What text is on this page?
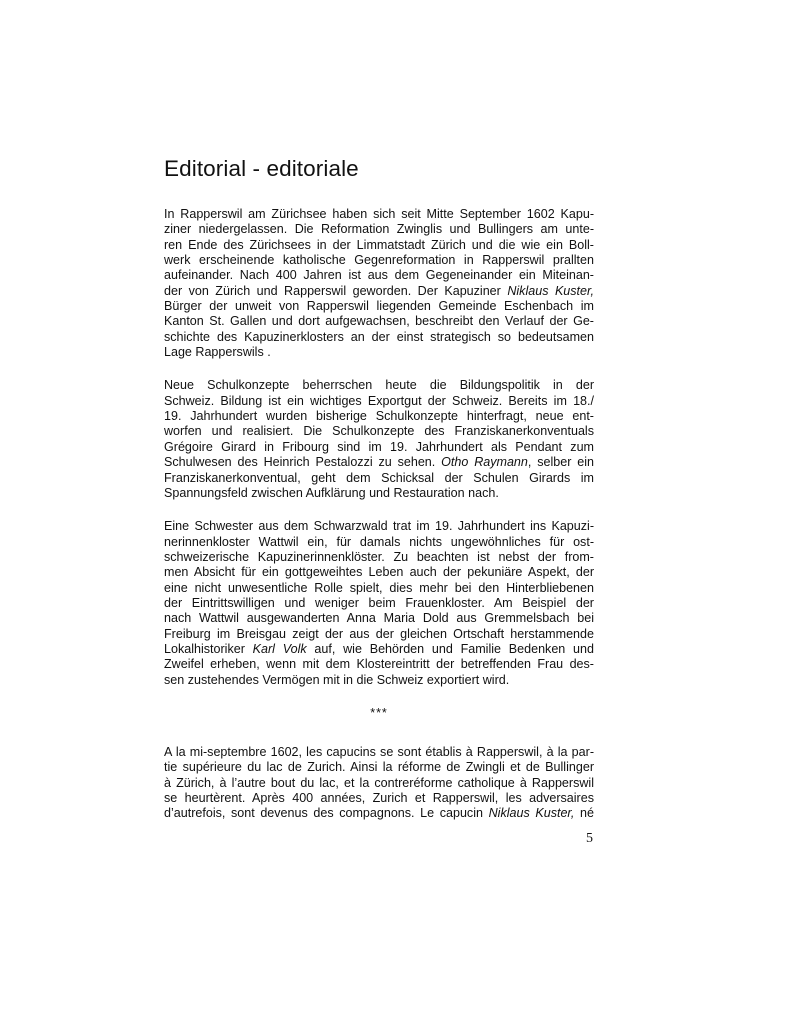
Editorial - editoriale

In Rapperswil am Zürichsee haben sich seit Mitte September 1602 Kapu-
ziner niedergelassen. Die Reformation Zwinglis und Bullingers am unte-
ren Ende des Zürichsees in der Limmatstadt Zürich und die wie ein Boll-
werk erscheinende katholische Gegenreformation in Rapperswil prallten
aufeinander. Nach 400 Jahren ist aus dem Gegeneinander ein Miteinan-
der von Zürich und Rapperswil geworden. Der Kapuziner Niklaus Kuster,
Bürger der unweit von Rapperswil liegenden Gemeinde Eschenbach im
Kanton St. Gallen und dort aufgewachsen, beschreibt den Verlauf der Ge-
schichte des Kapuzinerklosters an der einst strategisch so bedeutsamen
Lage Rapperswils .

Neue Schulkonzepte beherrschen heute die Bildungspolitik in der
Schweiz. Bildung ist ein wichtiges Exportgut der Schweiz. Bereits im 18./
19. Jahrhundert wurden bisherige Schulkonzepte hinterfragt, neue ent-
worfen und realisiert. Die Schulkonzepte des Franziskanerkonventuals
Grégoire Girard in Fribourg sind im 19. Jahrhundert als Pendant zum
Schulwesen des Heinrich Pestalozzi zu sehen. Otho Raymann, selber ein
Franziskanerkonventual, geht dem Schicksal der Schulen Girards im
Spannungsfeld zwischen Aufklärung und Restauration nach.

Eine Schwester aus dem Schwarzwald trat im 19. Jahrhundert ins Kapuzi-
nerinnenkloster Wattwil ein, für damals nichts ungewöhnliches für ost-
schweizerische Kapuzinerinnenklöster. Zu beachten ist nebst der from-
men Absicht für ein gottgeweihtes Leben auch der pekuniäre Aspekt, der
eine nicht unwesentliche Rolle spielt, dies mehr bei den Hinterbliebenen
der Eintrittswilligen und weniger beim Frauenkloster. Am Beispiel der
nach Wattwil ausgewanderten Anna Maria Dold aus Gremmelsbach bei
Freiburg im Breisgau zeigt der aus der gleichen Ortschaft herstammende
Lokalhistoriker Karl Volk auf, wie Behörden und Familie Bedenken und
Zweifel erheben, wenn mit dem Klostereintritt der betreffenden Frau des-
sen zustehendes Vermögen mit in die Schweiz exportiert wird.

***

A la mi-septembre 1602, les capucins se sont établis à Rapperswil, à la par-
tie supérieure du lac de Zurich. Ainsi la réforme de Zwingli et de Bullinger
à Zürich, à l’autre bout du lac, et la contreréforme catholique à Rapperswil
se heurtèrent. Après 400 années, Zurich et Rapperswil, les adversaires
d’autrefois, sont devenus des compagnons. Le capucin Niklaus Kuster, né

5
